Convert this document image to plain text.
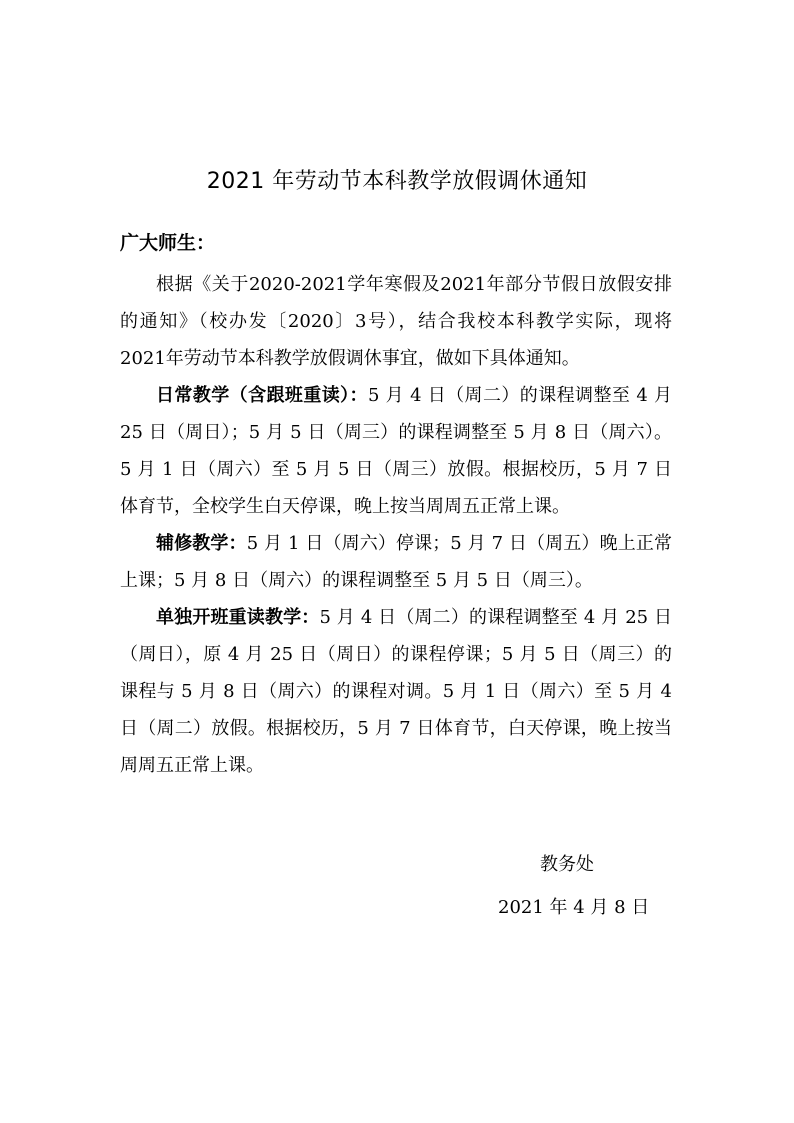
2021 年劳动节本科教学放假调休通知
广大师生：

根据《关于2020-2021学年寒假及2021年部分节假日放假安排的通知》（校办发〔2020〕3号），结合我校本科教学实际，现将2021年劳动节本科教学放假调休事宜，做如下具体通知。

日常教学（含跟班重读）：5 月 4 日（周二）的课程调整至 4 月 25 日（周日）；5 月 5 日（周三）的课程调整至 5 月 8 日（周六）。5 月 1 日（周六）至 5 月 5 日（周三）放假。根据校历，5 月 7 日体育节，全校学生白天停课，晚上按当周周五正常上课。

辅修教学：5 月 1 日（周六）停课；5 月 7 日（周五）晚上正常上课；5 月 8 日（周六）的课程调整至 5 月 5 日（周三）。

单独开班重读教学：5 月 4 日（周二）的课程调整至 4 月 25 日（周日），原 4 月 25 日（周日）的课程停课；5 月 5 日（周三）的课程与 5 月 8 日（周六）的课程对调。5 月 1 日（周六）至 5 月 4 日（周二）放假。根据校历，5 月 7 日体育节，白天停课，晚上按当周周五正常上课。

教务处
2021 年 4 月 8 日
